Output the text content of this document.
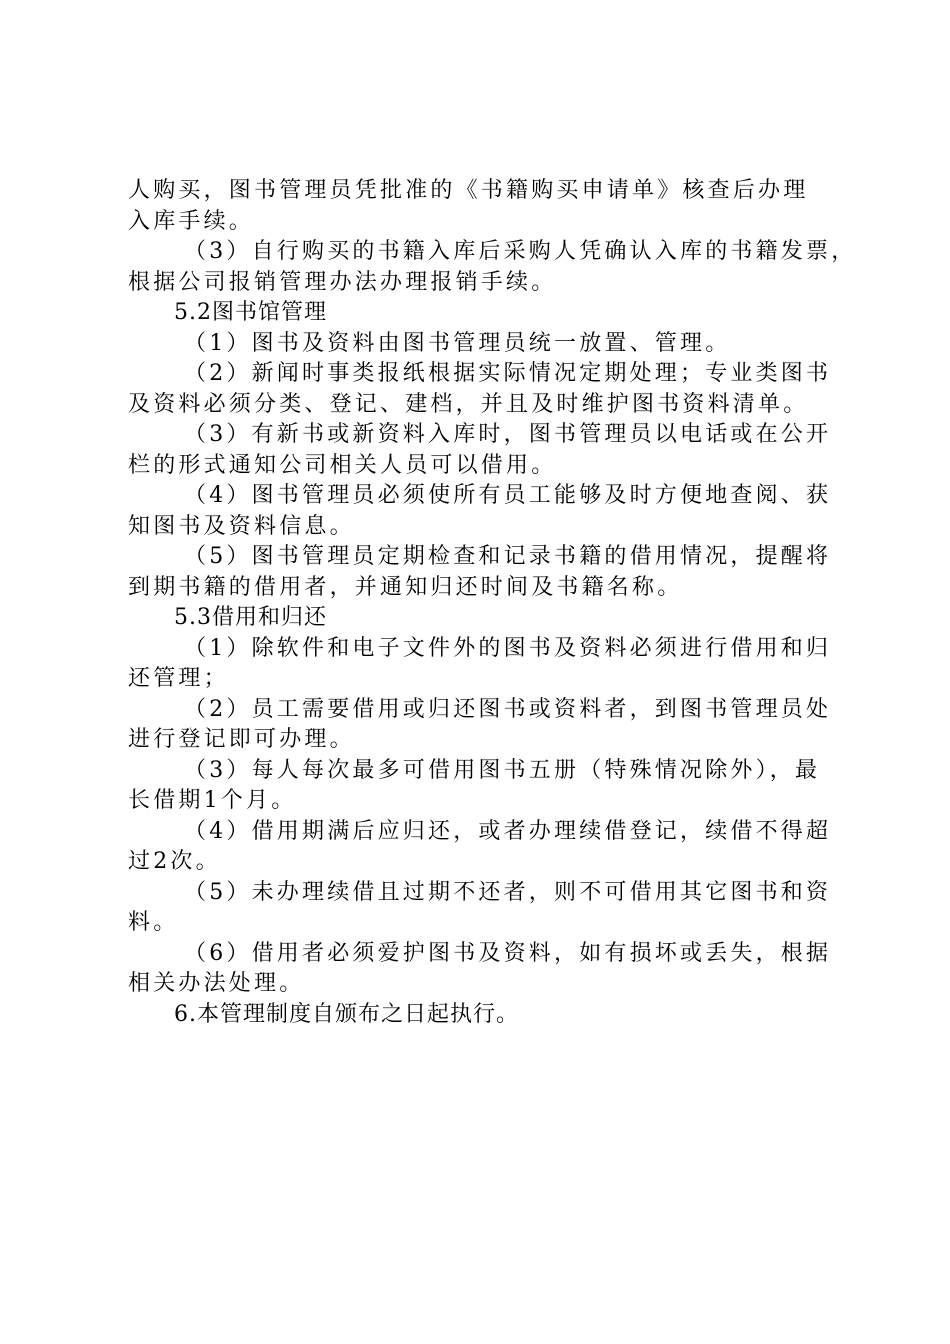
人购买，图书管理员凭批准的《书籍购买申请单》核查后办理
入库手续。
（3）自行购买的书籍入库后采购人凭确认入库的书籍发票，
根据公司报销管理办法办理报销手续。
5.2图书馆管理
（1）图书及资料由图书管理员统一放置、管理。
（2）新闻时事类报纸根据实际情况定期处理；专业类图书
及资料必须分类、登记、建档，并且及时维护图书资料清单。
（3）有新书或新资料入库时，图书管理员以电话或在公开
栏的形式通知公司相关人员可以借用。
（4）图书管理员必须使所有员工能够及时方便地查阅、获
知图书及资料信息。
（5）图书管理员定期检查和记录书籍的借用情况，提醒将
到期书籍的借用者，并通知归还时间及书籍名称。
5.3借用和归还
（1）除软件和电子文件外的图书及资料必须进行借用和归
还管理；
（2）员工需要借用或归还图书或资料者，到图书管理员处
进行登记即可办理。
（3）每人每次最多可借用图书五册（特殊情况除外），最
长借期1个月。
（4）借用期满后应归还，或者办理续借登记，续借不得超
过2次。
（5）未办理续借且过期不还者，则不可借用其它图书和资
料。
（6）借用者必须爱护图书及资料，如有损坏或丢失，根据
相关办法处理。
6.本管理制度自颁布之日起执行。
